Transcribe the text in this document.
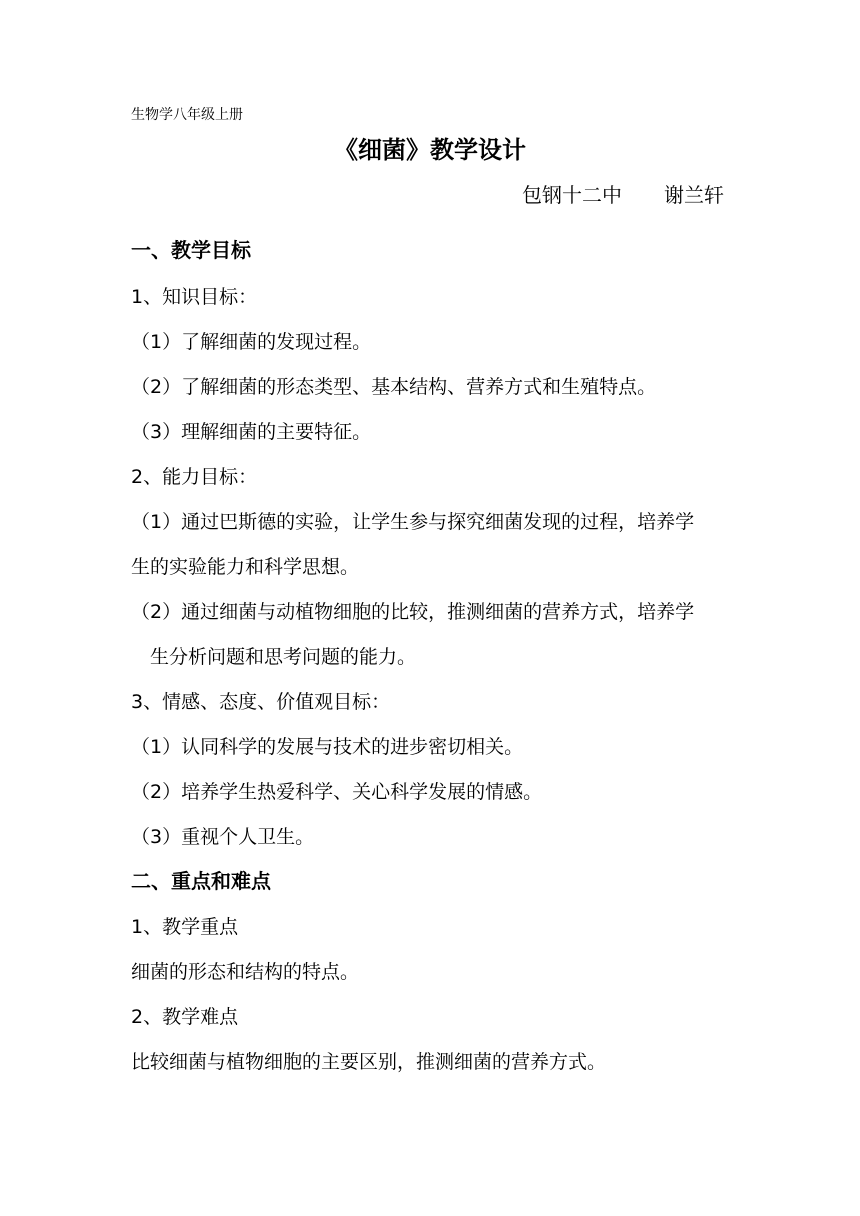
生物学八年级上册
《细菌》教学设计
包钢十二中 谢兰轩
一、教学目标
1、知识目标：
（1）了解细菌的发现过程。
（2）了解细菌的形态类型、基本结构、营养方式和生殖特点。
（3）理解细菌的主要特征。
2、能力目标：
（1）通过巴斯德的实验，让学生参与探究细菌发现的过程，培养学
生的实验能力和科学思想。
（2）通过细菌与动植物细胞的比较，推测细菌的营养方式，培养学
生分析问题和思考问题的能力。
3、情感、态度、价值观目标：
（1）认同科学的发展与技术的进步密切相关。
（2）培养学生热爱科学、关心科学发展的情感。
（3）重视个人卫生。
二、重点和难点
1、教学重点
细菌的形态和结构的特点。
2、教学难点
比较细菌与植物细胞的主要区别，推测细菌的营养方式。
